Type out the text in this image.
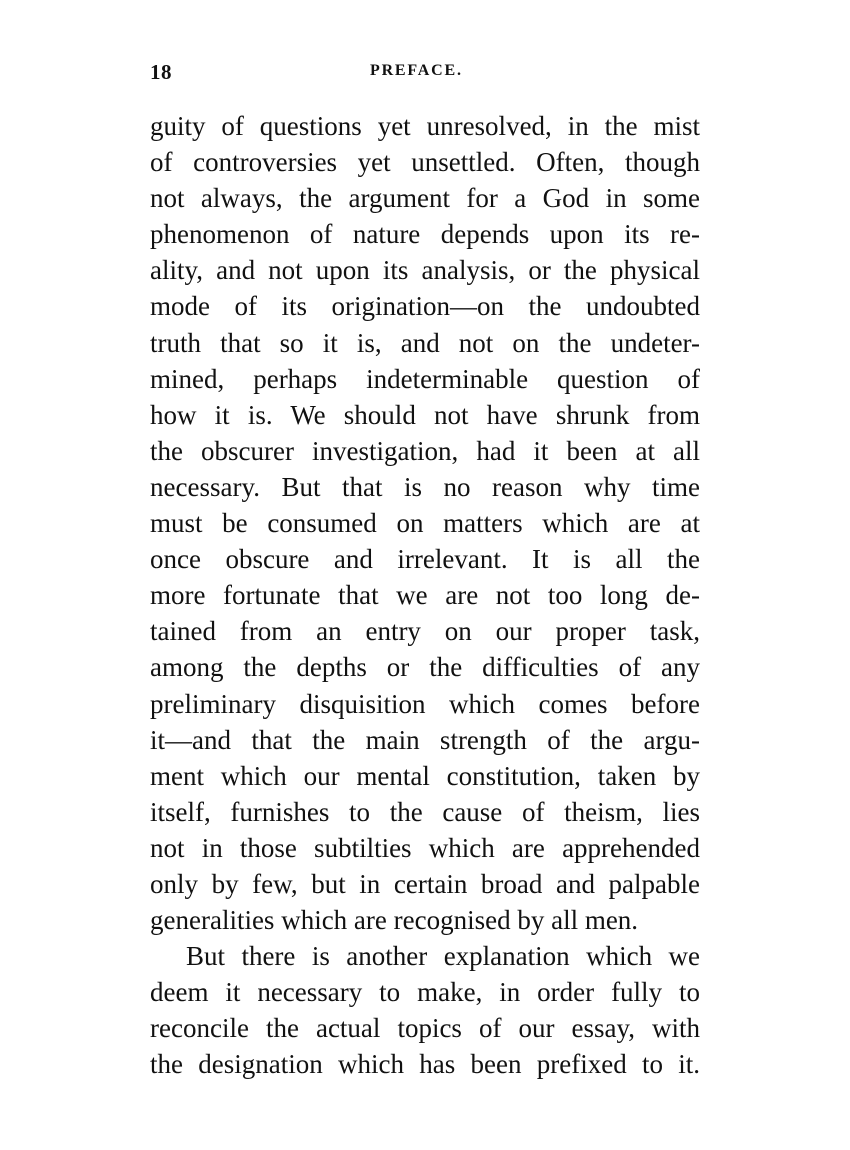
18	PREFACE.
guity of questions yet unresolved, in the mist
of controversies yet unsettled. Often, though
not always, the argument for a God in some
phenomenon of nature depends upon its re-
ality, and not upon its analysis, or the physical
mode of its origination—on the undoubted
truth that so it is, and not on the undeter-
mined, perhaps indeterminable question of
how it is. We should not have shrunk from
the obscurer investigation, had it been at all
necessary. But that is no reason why time
must be consumed on matters which are at
once obscure and irrelevant. It is all the
more fortunate that we are not too long de-
tained from an entry on our proper task,
among the depths or the difficulties of any
preliminary disquisition which comes before
it—and that the main strength of the argu-
ment which our mental constitution, taken by
itself, furnishes to the cause of theism, lies
not in those subtilties which are apprehended
only by few, but in certain broad and palpable
generalities which are recognised by all men.
But there is another explanation which we
deem it necessary to make, in order fully to
reconcile the actual topics of our essay, with
the designation which has been prefixed to it.
